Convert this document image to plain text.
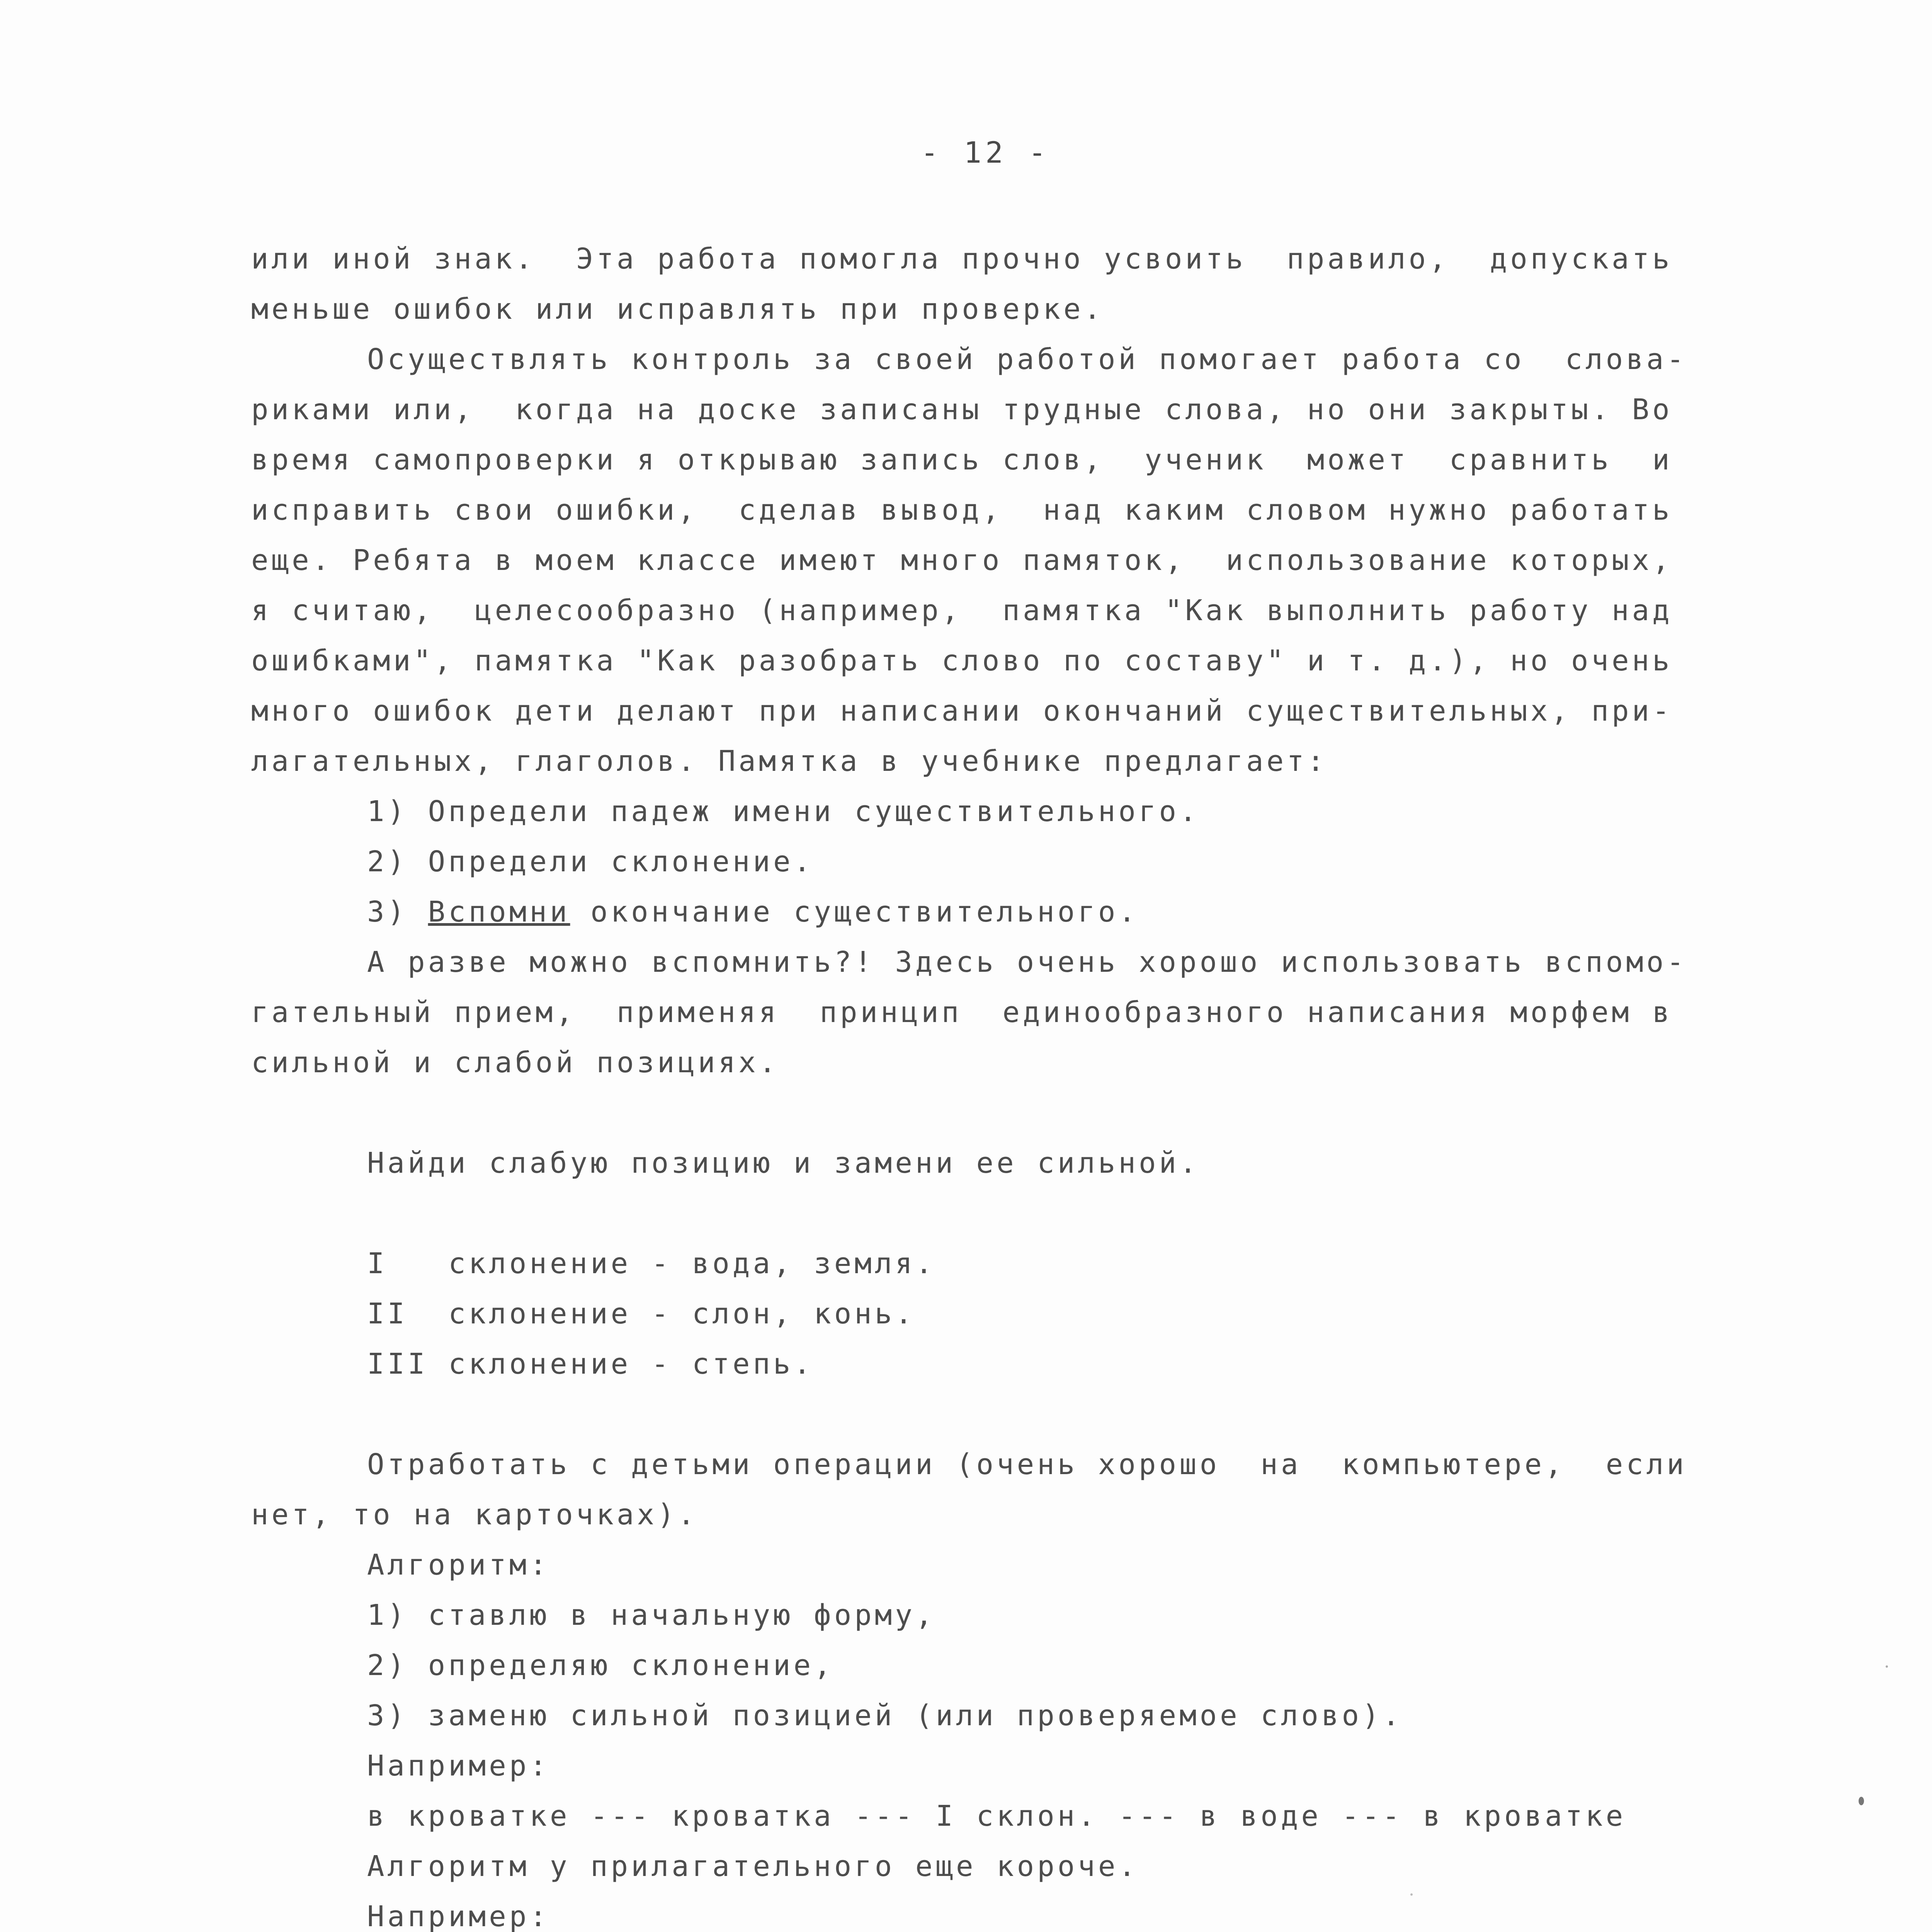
- 12 -
или иной знак.  Эта работа помогла прочно усвоить  правило,  допускать
меньше ошибок или исправлять при проверке.
Осуществлять контроль за своей работой помогает работа со  слова-
риками или,  когда на доске записаны трудные слова, но они закрыты. Во
время самопроверки я открываю запись слов,  ученик  может  сравнить  и
исправить свои ошибки,  сделав вывод,  над каким словом нужно работать
еще. Ребята в моем классе имеют много памяток,  использование которых,
я считаю,  целесообразно (например,  памятка "Как выполнить работу над
ошибками", памятка "Как разобрать слово по составу" и т. д.), но очень
много ошибок дети делают при написании окончаний существительных, при-
лагательных, глаголов. Памятка в учебнике предлагает:
1) Определи падеж имени существительного.
2) Определи склонение.
3) Вспомни окончание существительного.
А разве можно вспомнить?! Здесь очень хорошо использовать вспомо-
гательный прием,  применяя  принцип  единообразного написания морфем в
сильной и слабой позициях.
Найди слабую позицию и замени ее сильной.
I   склонение - вода, земля.
II  склонение - слон, конь.
III склонение - степь.
Отработать с детьми операции (очень хорошо  на  компьютере,  если
нет, то на карточках).
Алгоритм:
1) ставлю в начальную форму,
2) определяю склонение,
3) заменю сильной позицией (или проверяемое слово).
Например:
в кроватке --- кроватка --- I склон. --- в воде --- в кроватке
Алгоритм у прилагательного еще короче.
Например:
